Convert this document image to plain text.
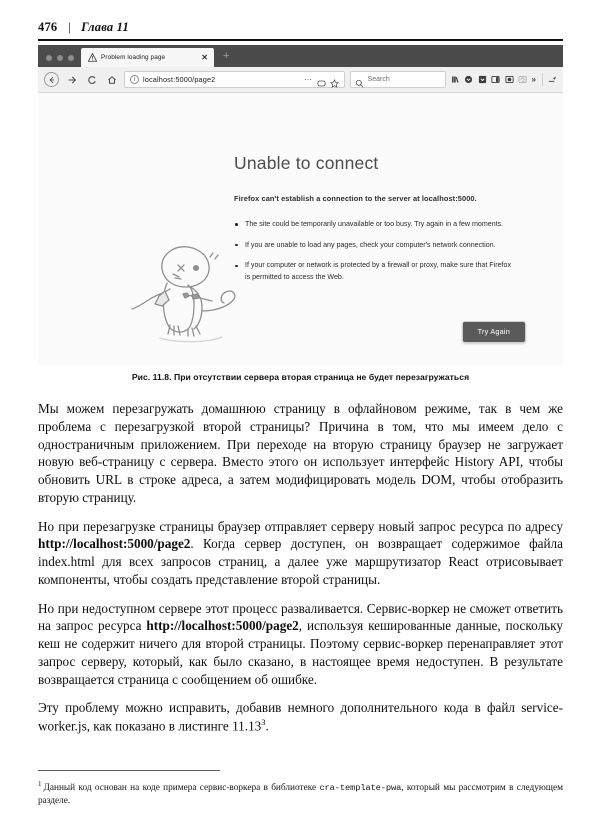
476 | Глава 11
Problem loading page	✕	+
i	localhost:5000/page2	⋯	Search	»
Unable to connect
Firefox can't establish a connection to the server at localhost:5000.
The site could be temporarily unavailable or too busy. Try again in a few moments.
If you are unable to load any pages, check your computer's network connection.
If your computer or network is protected by a firewall or proxy, make sure that Firefox is permitted to access the Web.
Try Again
Рис. 11.8. При отсутствии сервера вторая страница не будет перезагружаться

Мы можем перезагружать домашнюю страницу в офлайновом режиме, так в чем же проблема с перезагрузкой второй страницы? Причина в том, что мы имеем дело с одностраничным приложением. При переходе на вторую страницу браузер не загружает новую веб-страницу с сервера. Вместо этого он использует интерфейс History API, чтобы обновить URL в строке адреса, а затем модифицировать модель DOM, чтобы отобразить вторую страницу.

Но при перезагрузке страницы браузер отправляет серверу новый запрос ресурса по адресу http://localhost:5000/page2. Когда сервер доступен, он возвращает содержимое файла index.html для всех запросов страниц, а далее уже маршрутизатор React отрисовывает компоненты, чтобы создать представление второй страницы.

Но при недоступном сервере этот процесс разваливается. Сервис-воркер не сможет ответить на запрос ресурса http://localhost:5000/page2, используя кешированные данные, поскольку кеш не содержит ничего для второй страницы. Поэтому сервис-воркер перенаправляет этот запрос серверу, который, как было сказано, в настоящее время недоступен. В результате возвращается страница с сообщением об ошибке.

Эту проблему можно исправить, добавив немного дополнительного кода в файл service-worker.js, как показано в листинге 11.13$^3$.

$^1$ Данный код основан на коде примера сервис-воркера в библиотеке cra-template-pwa, который мы рассмотрим в следующем разделе.
